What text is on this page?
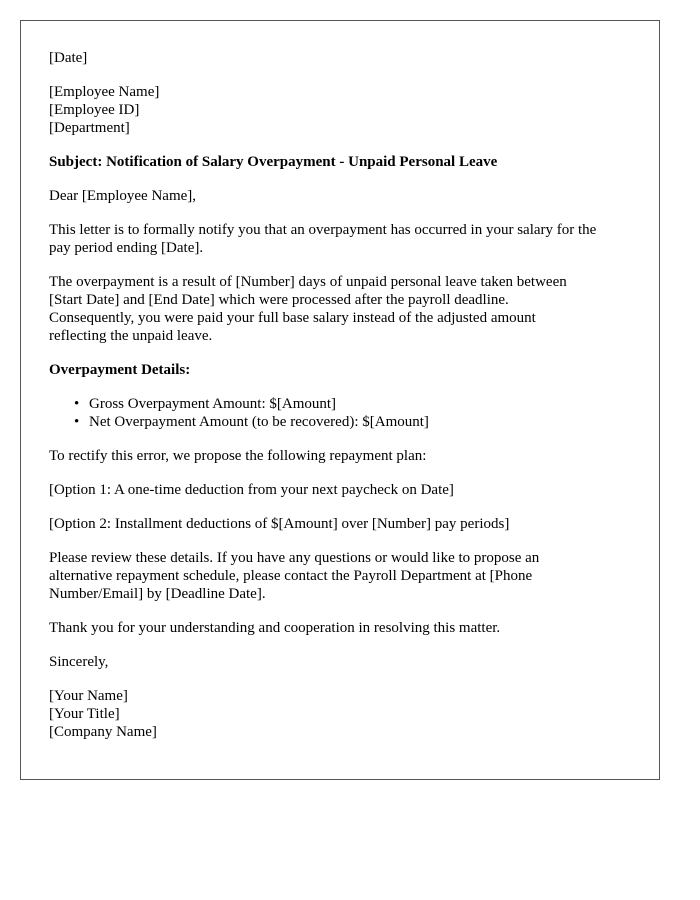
[Date]
[Employee Name]
[Employee ID]
[Department]
Subject: Notification of Salary Overpayment - Unpaid Personal Leave
Dear [Employee Name],
This letter is to formally notify you that an overpayment has occurred in your salary for the
pay period ending [Date].
The overpayment is a result of [Number] days of unpaid personal leave taken between
[Start Date] and [End Date] which were processed after the payroll deadline.
Consequently, you were paid your full base salary instead of the adjusted amount
reflecting the unpaid leave.
Overpayment Details:
• Gross Overpayment Amount: $[Amount]
• Net Overpayment Amount (to be recovered): $[Amount]
To rectify this error, we propose the following repayment plan:
[Option 1: A one-time deduction from your next paycheck on Date]
[Option 2: Installment deductions of $[Amount] over [Number] pay periods]
Please review these details. If you have any questions or would like to propose an
alternative repayment schedule, please contact the Payroll Department at [Phone
Number/Email] by [Deadline Date].
Thank you for your understanding and cooperation in resolving this matter.
Sincerely,
[Your Name]
[Your Title]
[Company Name]
